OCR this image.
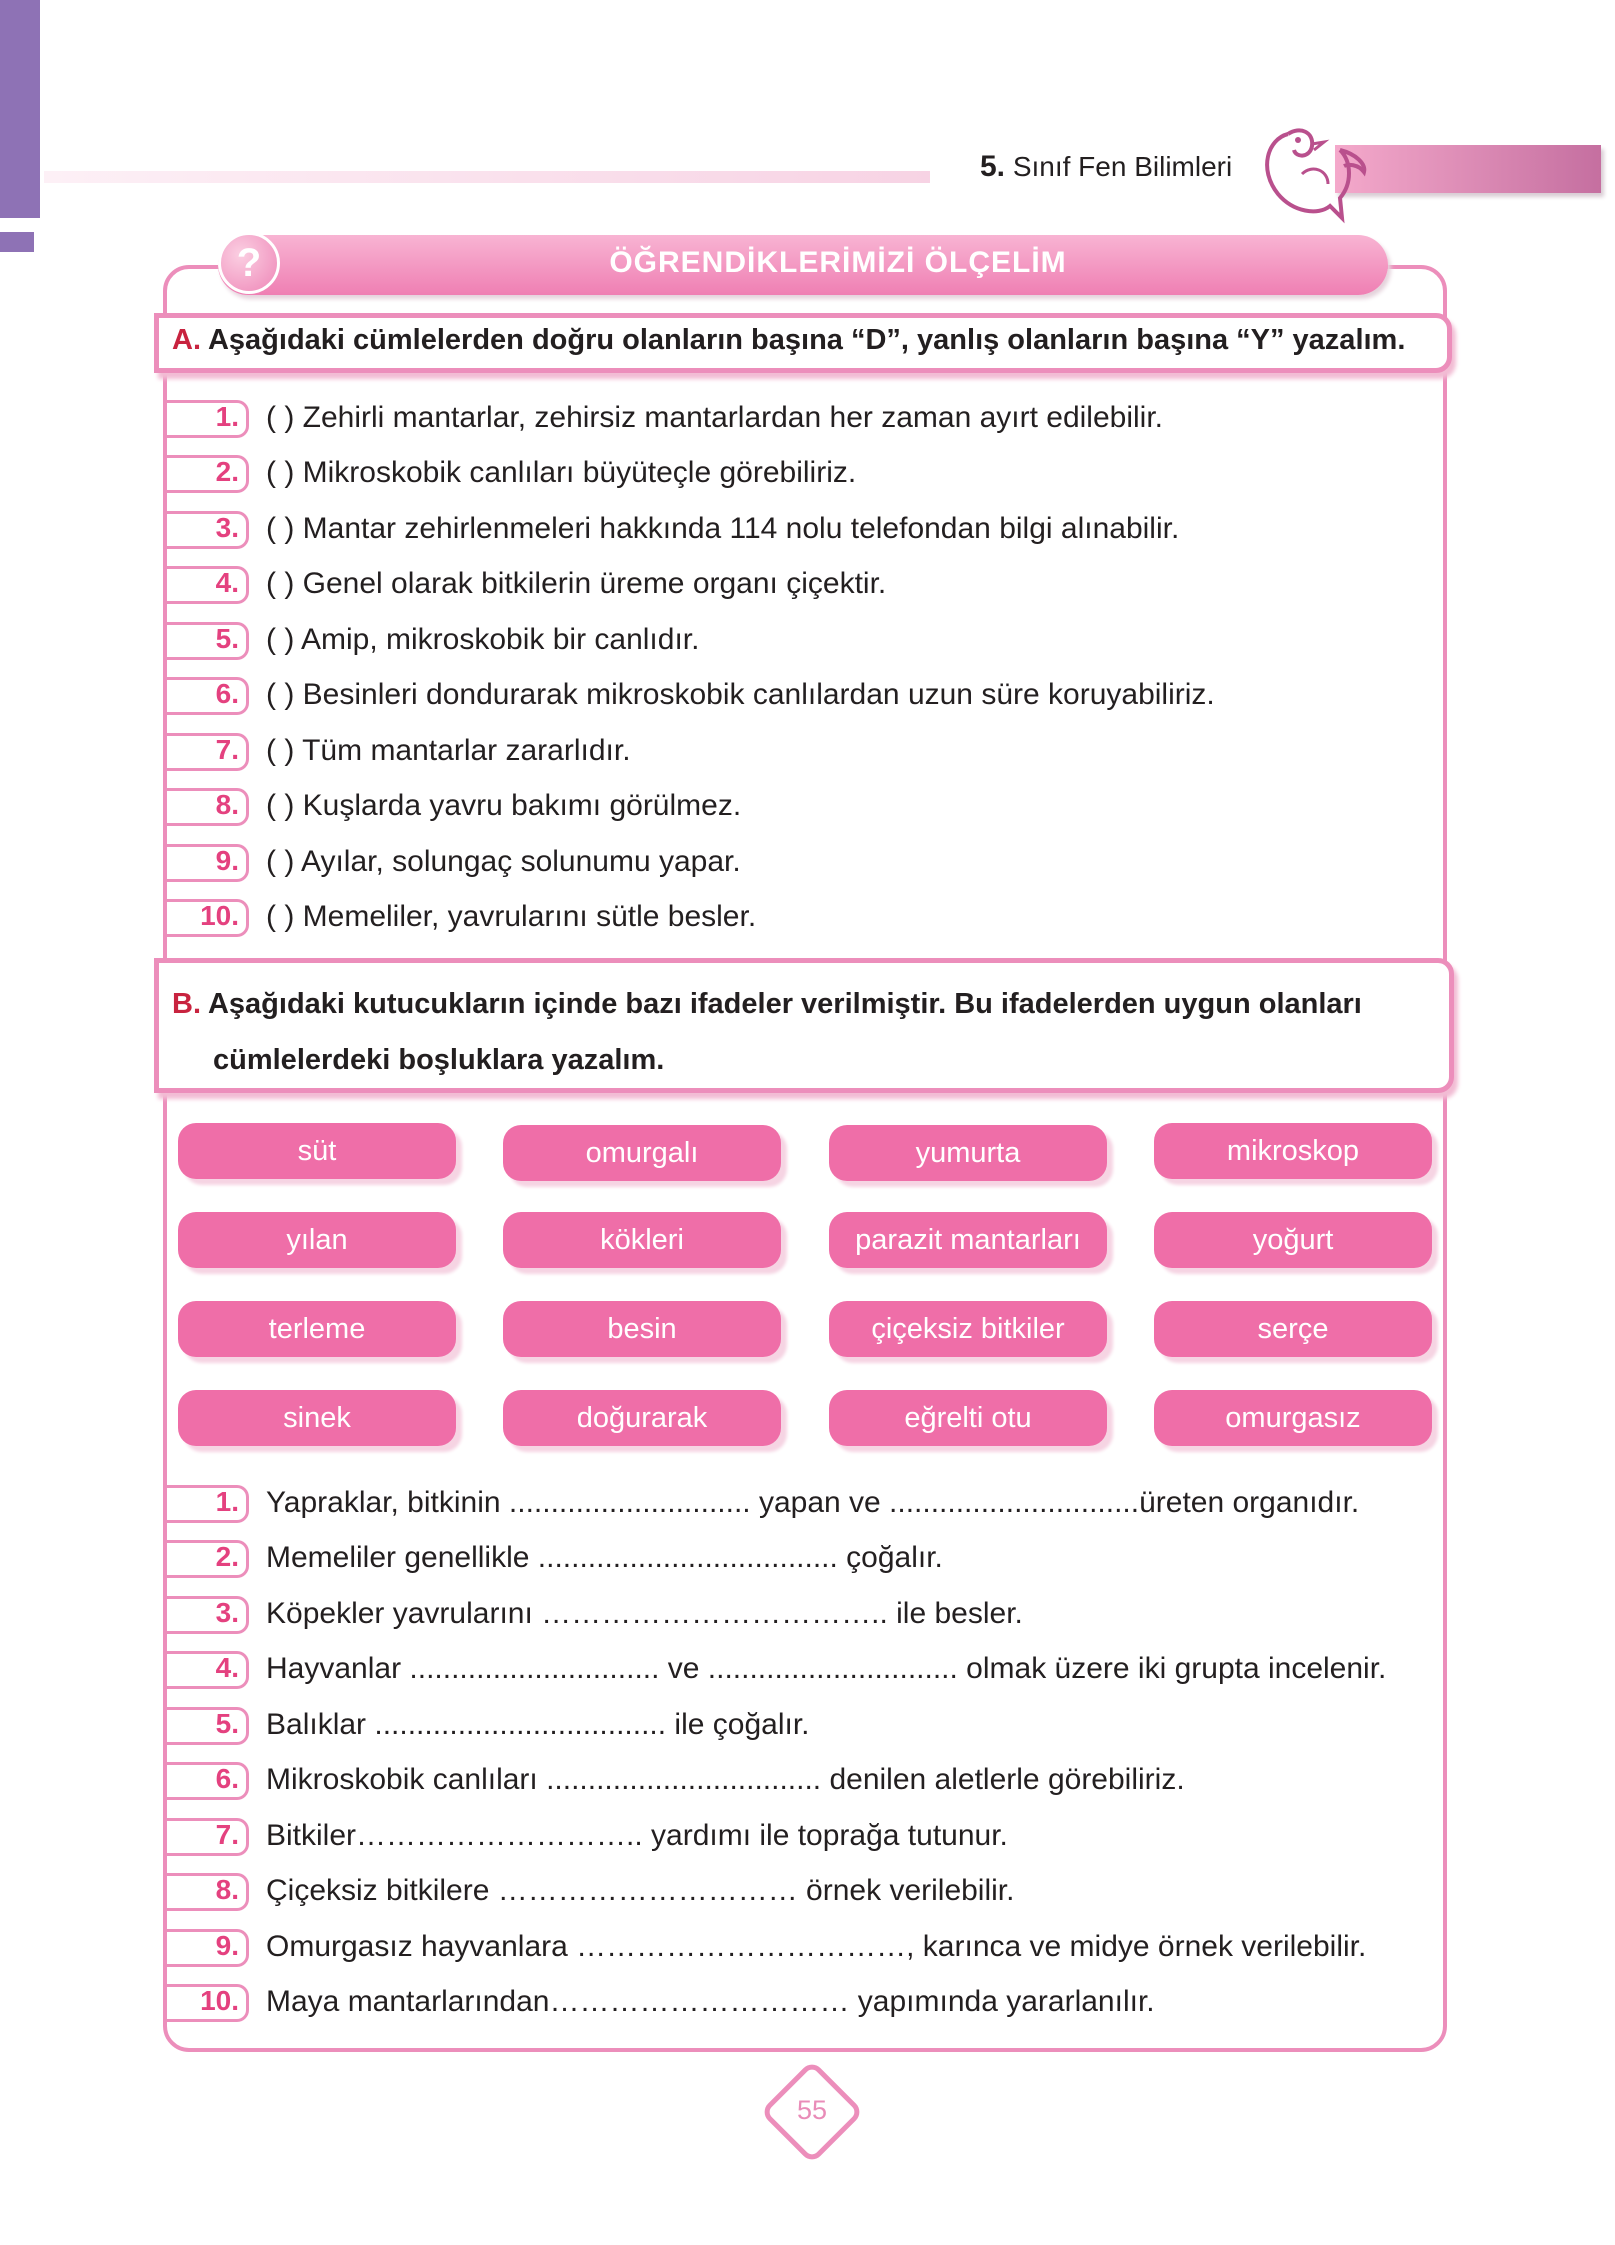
5. Sınıf Fen Bilimleri
ÖĞRENDİKLERİMİZİ ÖLÇELİM
?
A. Aşağıdaki cümlelerden doğru olanların başına “D”, yanlış olanların başına “Y” yazalım.
1. ( ) Zehirli mantarlar, zehirsiz mantarlardan her zaman ayırt edilebilir.
2. ( ) Mikroskobik canlıları büyüteçle görebiliriz.
3. ( ) Mantar zehirlenmeleri hakkında 114 nolu telefondan bilgi alınabilir.
4. ( ) Genel olarak bitkilerin üreme organı çiçektir.
5. ( ) Amip, mikroskobik bir canlıdır.
6. ( ) Besinleri dondurarak mikroskobik canlılardan uzun süre koruyabiliriz.
7. ( ) Tüm mantarlar zararlıdır.
8. ( ) Kuşlarda yavru bakımı görülmez.
9. ( ) Ayılar, solungaç solunumu yapar.
10. ( ) Memeliler, yavrularını sütle besler.
B. Aşağıdaki kutucukların içinde bazı ifadeler verilmiştir. Bu ifadelerden uygun olanları
cümlelerdeki boşluklara yazalım.
süt	omurgalı	yumurta	mikroskop
yılan	kökleri	parazit mantarları	yoğurt
terleme	besin	çiçeksiz bitkiler	serçe
sinek	doğurarak	eğrelti otu	omurgasız
1. Yapraklar, bitkinin ............................. yapan ve ..............................üreten organıdır.
2. Memeliler genellikle .................................... çoğalır.
3. Köpekler yavrularını …………………………….. ile besler.
4. Hayvanlar .............................. ve .............................. olmak üzere iki grupta incelenir.
5. Balıklar ................................... ile çoğalır.
6. Mikroskobik canlıları ................................. denilen aletlerle görebiliriz.
7. Bitkiler……………………….. yardımı ile toprağa tutunur.
8. Çiçeksiz bitkilere ………………………… örnek verilebilir.
9. Omurgasız hayvanlara ……………………………, karınca ve midye örnek verilebilir.
10. Maya mantarlarından………………………… yapımında yararlanılır.
55
